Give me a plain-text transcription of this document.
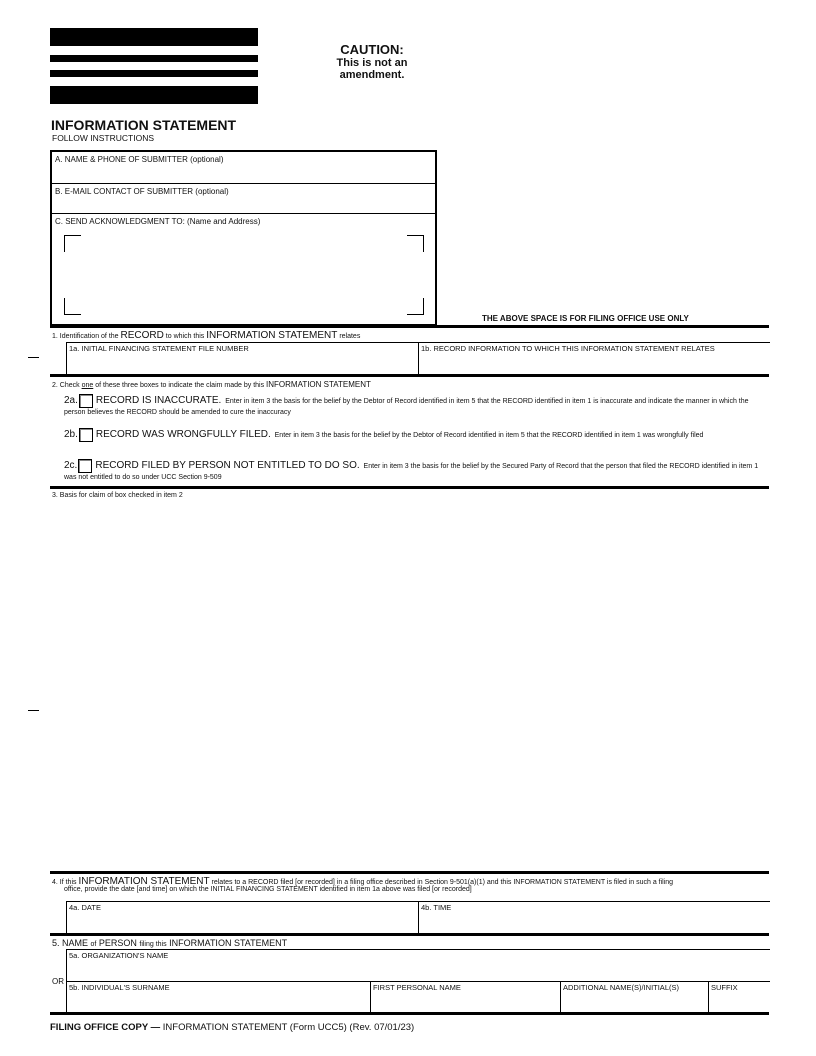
CAUTION:
This is not an
amendment.
INFORMATION STATEMENT
FOLLOW INSTRUCTIONS
A. NAME & PHONE OF SUBMITTER (optional)
B. E-MAIL CONTACT OF SUBMITTER (optional)
C. SEND ACKNOWLEDGMENT TO: (Name and Address)
THE ABOVE SPACE IS FOR FILING OFFICE USE ONLY
1. Identification of the RECORD to which this INFORMATION STATEMENT relates
1a. INITIAL FINANCING STATEMENT FILE NUMBER	1b. RECORD INFORMATION TO WHICH THIS INFORMATION STATEMENT RELATES
2. Check one of these three boxes to indicate the claim made by this INFORMATION STATEMENT
2a. RECORD IS INACCURATE. Enter in item 3 the basis for the belief by the Debtor of Record identified in item 5 that the RECORD identified in item 1 is inaccurate and indicate the manner in which the person believes the RECORD should be amended to cure the inaccuracy
2b. RECORD WAS WRONGFULLY FILED. Enter in item 3 the basis for the belief by the Debtor of Record identified in item 5 that the RECORD identified in item 1 was wrongfully filed
2c. RECORD FILED BY PERSON NOT ENTITLED TO DO SO. Enter in item 3 the basis for the belief by the Secured Party of Record that the person that filed the RECORD identified in item 1 was not entitled to do so under UCC Section 9-509
3. Basis for claim of box checked in item 2
4. If this INFORMATION STATEMENT relates to a RECORD filed [or recorded] in a filing office described in Section 9-501(a)(1) and this INFORMATION STATEMENT is filed in such a filing
office, provide the date [and time] on which the INITIAL FINANCING STATEMENT identified in item 1a above was filed [or recorded]
4a. DATE	4b. TIME
5. NAME of PERSON filing this INFORMATION STATEMENT
5a. ORGANIZATION'S NAME
OR
5b. INDIVIDUAL'S SURNAME	FIRST PERSONAL NAME	ADDITIONAL NAME(S)/INITIAL(S)	SUFFIX
FILING OFFICE COPY — INFORMATION STATEMENT (Form UCC5) (Rev. 07/01/23)
